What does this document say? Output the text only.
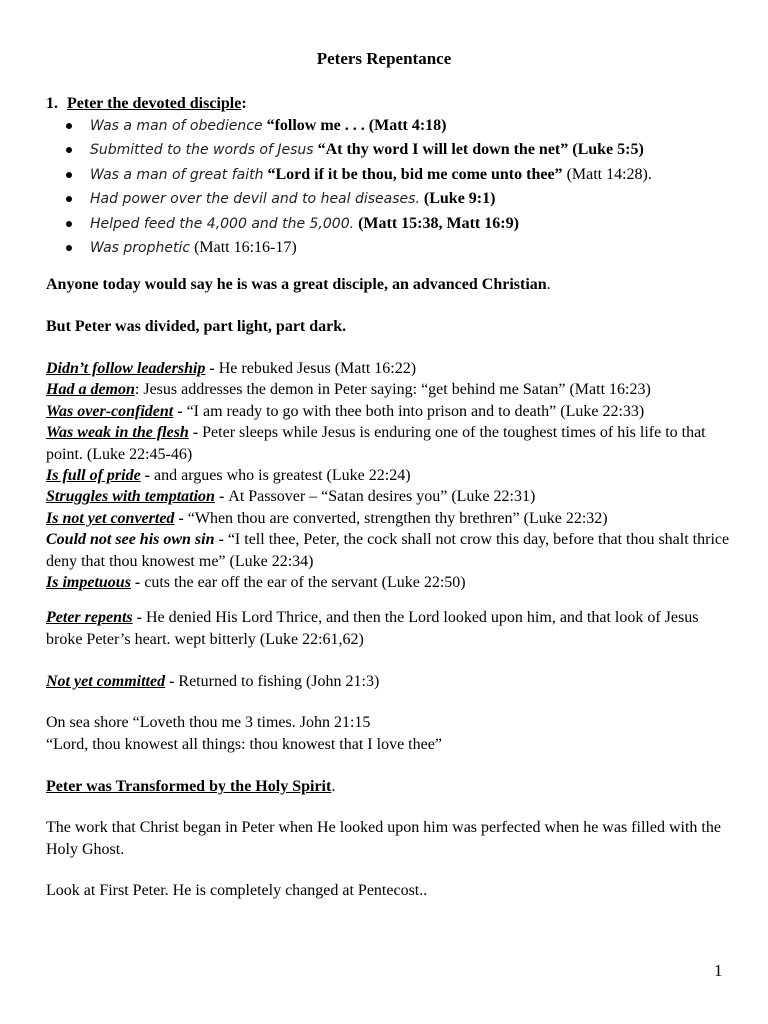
Peters Repentance
1. Peter the devoted disciple:
Was a man of obedience “follow me . . . (Matt 4:18)
Submitted to the words of Jesus “At thy word I will let down the net” (Luke 5:5)
Was a man of great faith “Lord if it be thou, bid me come unto thee” (Matt 14:28).
Had power over the devil and to heal diseases. (Luke 9:1)
Helped feed the 4,000 and the 5,000. (Matt 15:38, Matt 16:9)
Was prophetic (Matt 16:16-17)
Anyone today would say he is was a great disciple, an advanced Christian.
But Peter was divided, part light, part dark.

Didn’t follow leadership - He rebuked Jesus (Matt 16:22)

Had a demon: Jesus addresses the demon in Peter saying: “get behind me Satan” (Matt 16:23)

Was over-confident - “I am ready to go with thee both into prison and to death” (Luke 22:33)

Was weak in the flesh - Peter sleeps while Jesus is enduring one of the toughest times of his life to that point. (Luke 22:45-46)

Is full of pride - and argues who is greatest (Luke 22:24)

Struggles with temptation - At Passover – “Satan desires you” (Luke 22:31)

Is not yet converted - “When thou are converted, strengthen thy brethren” (Luke 22:32)

Could not see his own sin - “I tell thee, Peter, the cock shall not crow this day, before that thou shalt thrice deny that thou knowest me” (Luke 22:34)

Is impetuous - cuts the ear off the ear of the servant (Luke 22:50)

Peter repents - He denied His Lord Thrice, and then the Lord looked upon him, and that look of Jesus broke Peter’s heart. wept bitterly (Luke 22:61,62)
Not yet committed - Returned to fishing (John 21:3)
On sea shore “Loveth thou me 3 times. John 21:15
“Lord, thou knowest all things: thou knowest that I love thee”
Peter was Transformed by the Holy Spirit.
The work that Christ began in Peter when He looked upon him was perfected when he was filled with the Holy Ghost.
Look at First Peter. He is completely changed at Pentecost..
1
